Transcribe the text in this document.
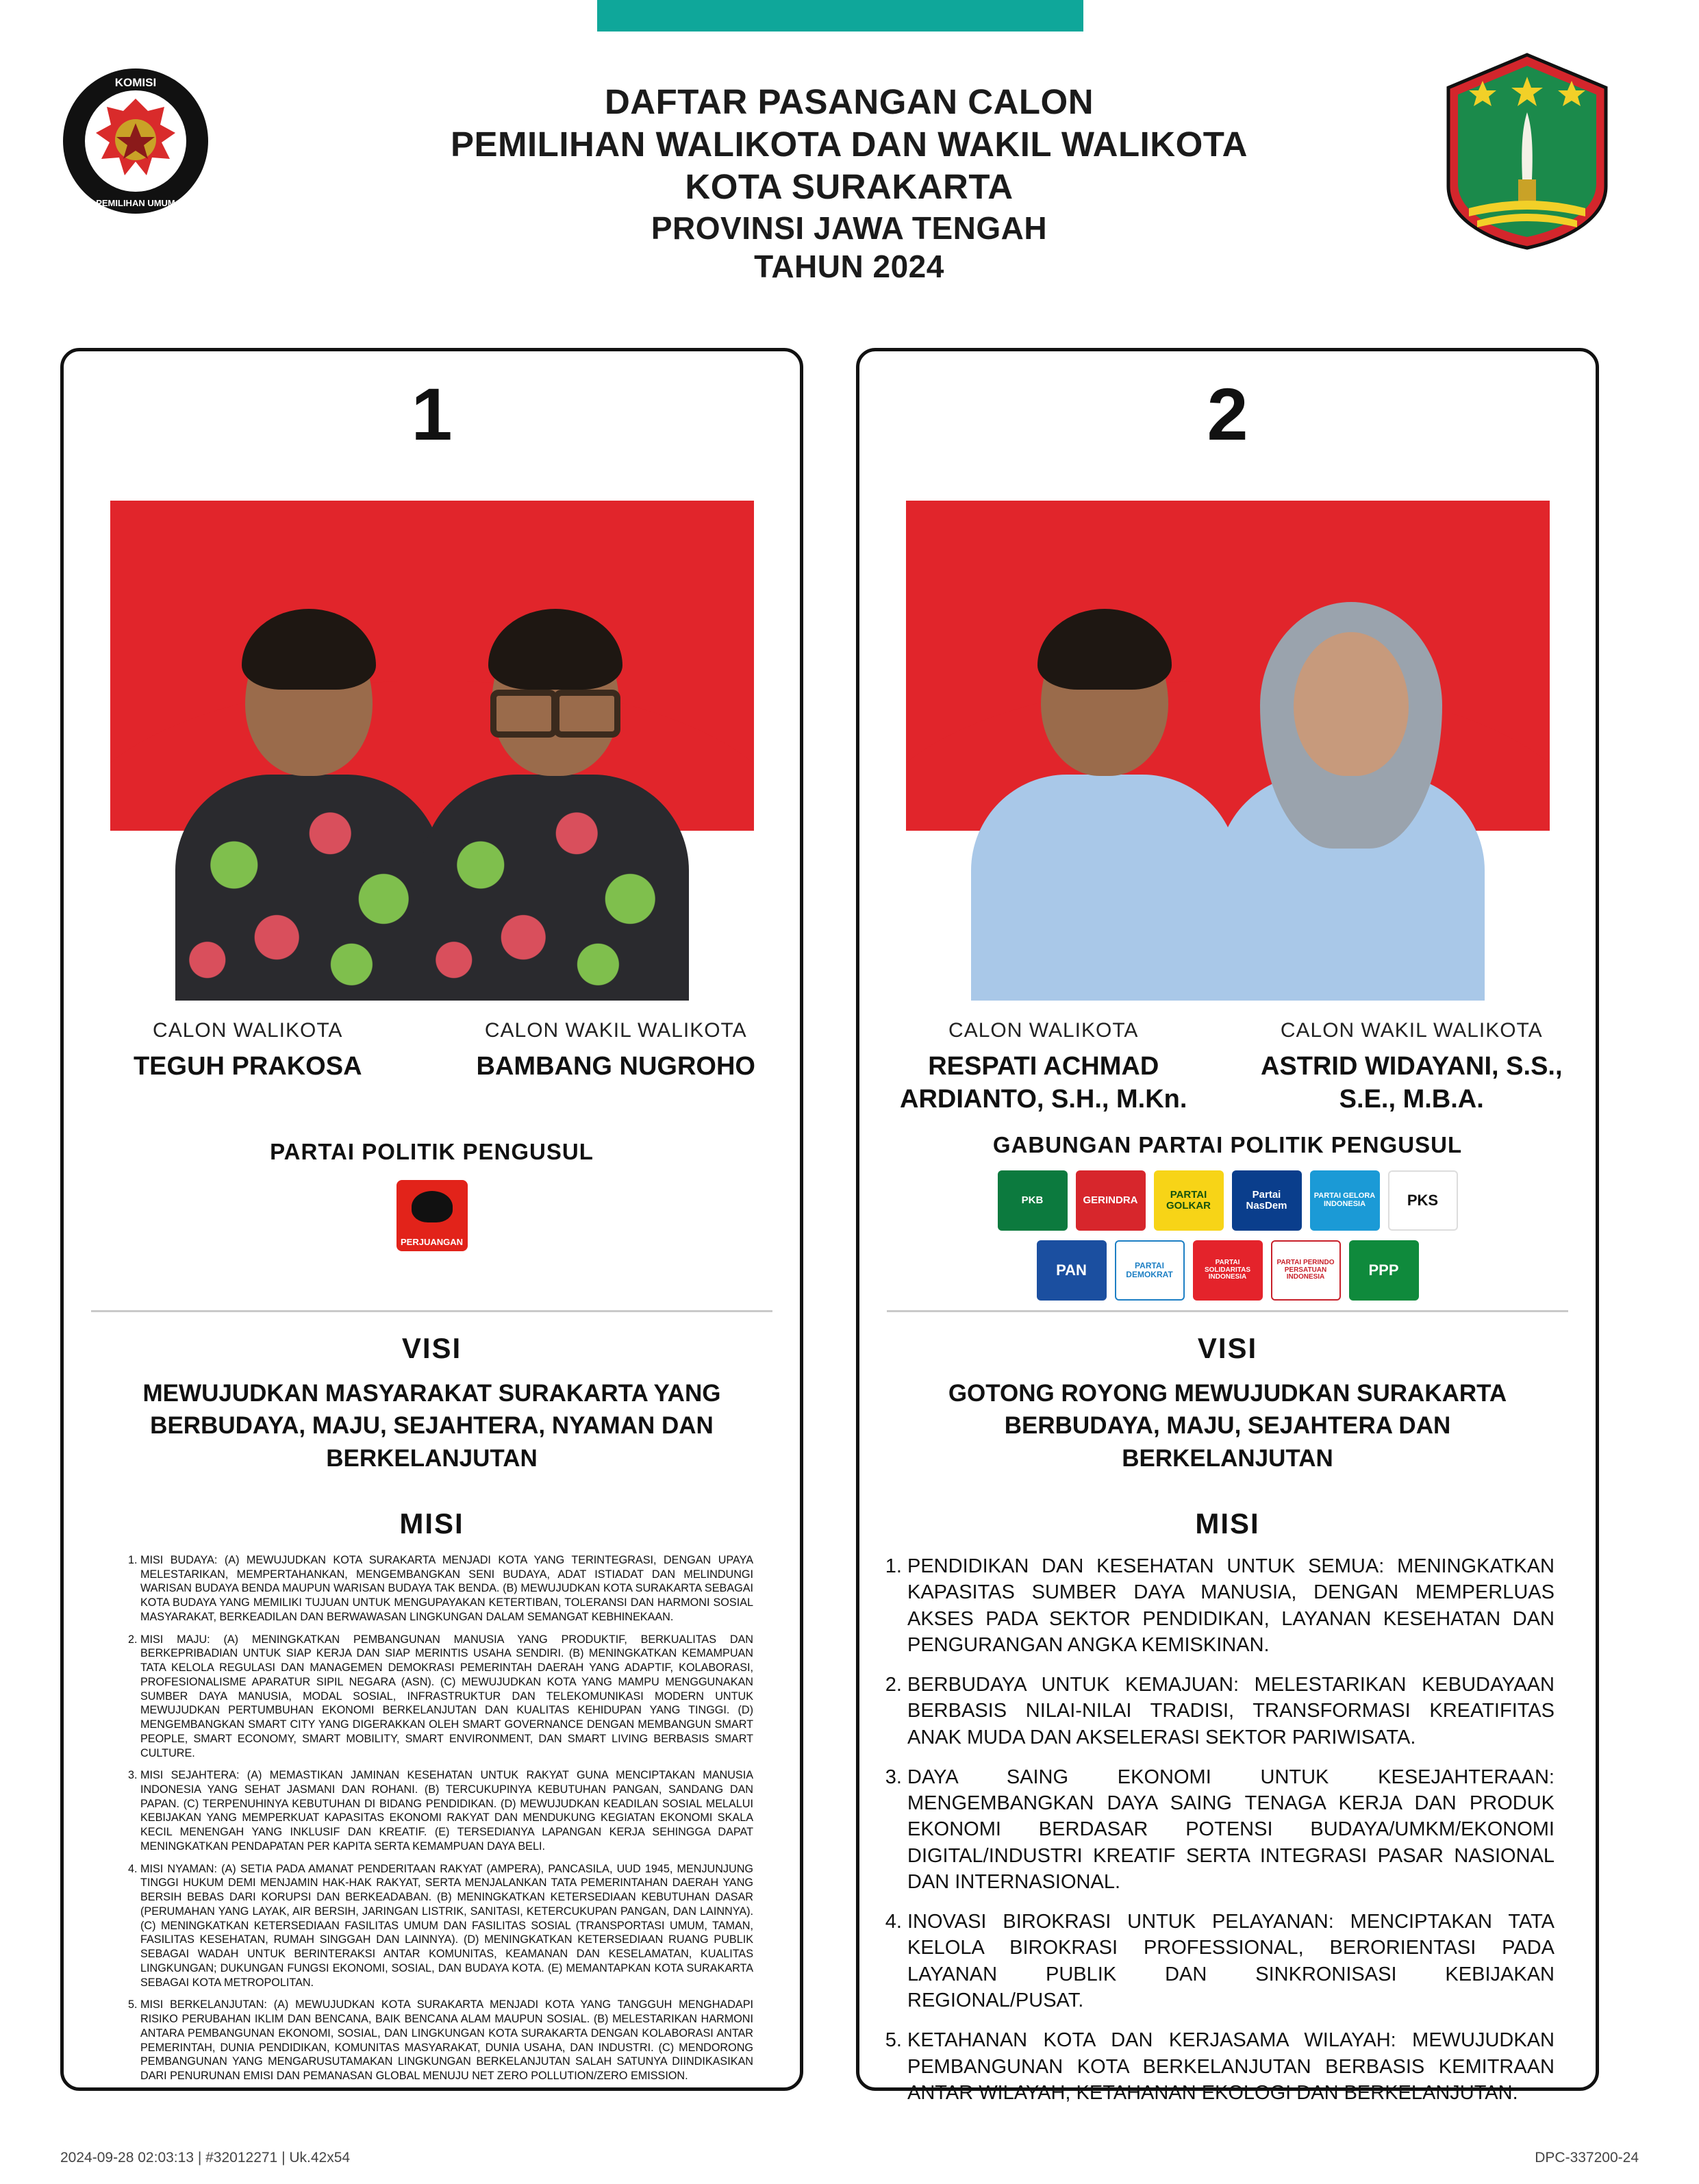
KOMISI
PEMILIHAN UMUM
DAFTAR PASANGAN CALON
PEMILIHAN WALIKOTA DAN WAKIL WALIKOTA
KOTA SURAKARTA
PROVINSI JAWA TENGAH
TAHUN 2024
1
CALON WALIKOTA
TEGUH PRAKOSA
CALON WAKIL WALIKOTA
BAMBANG NUGROHO
PARTAI POLITIK PENGUSUL
PERJUANGAN
VISI
MEWUJUDKAN MASYARAKAT SURAKARTA YANG BERBUDAYA, MAJU, SEJAHTERA, NYAMAN DAN BERKELANJUTAN
MISI
1. MISI BUDAYA: (A) MEWUJUDKAN KOTA SURAKARTA MENJADI KOTA YANG TERINTEGRASI, DENGAN UPAYA MELESTARIKAN, MEMPERTAHANKAN, MENGEMBANGKAN SENI BUDAYA, ADAT ISTIADAT DAN MELINDUNGI WARISAN BUDAYA BENDA MAUPUN WARISAN BUDAYA TAK BENDA. (B) MEWUJUDKAN KOTA SURAKARTA SEBAGAI KOTA BUDAYA YANG MEMILIKI TUJUAN UNTUK MENGUPAYAKAN KETERTIBAN, TOLERANSI DAN HARMONI SOSIAL MASYARAKAT, BERKEADILAN DAN BERWAWASAN LINGKUNGAN DALAM SEMANGAT KEBHINEKAAN.
2. MISI MAJU: (A) MENINGKATKAN PEMBANGUNAN MANUSIA YANG PRODUKTIF, BERKUALITAS DAN BERKEPRIBADIAN UNTUK SIAP KERJA DAN SIAP MERINTIS USAHA SENDIRI. (B) MENINGKATKAN KEMAMPUAN TATA KELOLA REGULASI DAN MANAGEMEN DEMOKRASI PEMERINTAH DAERAH YANG ADAPTIF, KOLABORASI, PROFESIONALISME APARATUR SIPIL NEGARA (ASN). (C) MEWUJUDKAN KOTA YANG MAMPU MENGGUNAKAN SUMBER DAYA MANUSIA, MODAL SOSIAL, INFRASTRUKTUR DAN TELEKOMUNIKASI MODERN UNTUK MEWUJUDKAN PERTUMBUHAN EKONOMI BERKELANJUTAN DAN KUALITAS KEHIDUPAN YANG TINGGI. (D) MENGEMBANGKAN SMART CITY YANG DIGERAKKAN OLEH SMART GOVERNANCE DENGAN MEMBANGUN SMART PEOPLE, SMART ECONOMY, SMART MOBILITY, SMART ENVIRONMENT, DAN SMART LIVING BERBASIS SMART CULTURE.
3. MISI SEJAHTERA: (A) MEMASTIKAN JAMINAN KESEHATAN UNTUK RAKYAT GUNA MENCIPTAKAN MANUSIA INDONESIA YANG SEHAT JASMANI DAN ROHANI. (B) TERCUKUPINYA KEBUTUHAN PANGAN, SANDANG DAN PAPAN. (C) TERPENUHINYA KEBUTUHAN DI BIDANG PENDIDIKAN. (D) MEWUJUDKAN KEADILAN SOSIAL MELALUI KEBIJAKAN YANG MEMPERKUAT KAPASITAS EKONOMI RAKYAT DAN MENDUKUNG KEGIATAN EKONOMI SKALA KECIL MENENGAH YANG INKLUSIF DAN KREATIF. (E) TERSEDIANYA LAPANGAN KERJA SEHINGGA DAPAT MENINGKATKAN PENDAPATAN PER KAPITA SERTA KEMAMPUAN DAYA BELI.
4. MISI NYAMAN: (A) SETIA PADA AMANAT PENDERITAAN RAKYAT (AMPERA), PANCASILA, UUD 1945, MENJUNJUNG TINGGI HUKUM DEMI MENJAMIN HAK-HAK RAKYAT, SERTA MENJALANKAN TATA PEMERINTAHAN DAERAH YANG BERSIH BEBAS DARI KORUPSI DAN BERKEADABAN. (B) MENINGKATKAN KETERSEDIAAN KEBUTUHAN DASAR (PERUMAHAN YANG LAYAK, AIR BERSIH, JARINGAN LISTRIK, SANITASI, KETERCUKUPAN PANGAN, DAN LAINNYA). (C) MENINGKATKAN KETERSEDIAAN FASILITAS UMUM DAN FASILITAS SOSIAL (TRANSPORTASI UMUM, TAMAN, FASILITAS KESEHATAN, RUMAH SINGGAH DAN LAINNYA). (D) MENINGKATKAN KETERSEDIAAN RUANG PUBLIK SEBAGAI WADAH UNTUK BERINTERAKSI ANTAR KOMUNITAS, KEAMANAN DAN KESELAMATAN, KUALITAS LINGKUNGAN; DUKUNGAN FUNGSI EKONOMI, SOSIAL, DAN BUDAYA KOTA. (E) MEMANTAPKAN KOTA SURAKARTA SEBAGAI KOTA METROPOLITAN.
5. MISI BERKELANJUTAN: (A) MEWUJUDKAN KOTA SURAKARTA MENJADI KOTA YANG TANGGUH MENGHADAPI RISIKO PERUBAHAN IKLIM DAN BENCANA, BAIK BENCANA ALAM MAUPUN SOSIAL. (B) MELESTARIKAN HARMONI ANTARA PEMBANGUNAN EKONOMI, SOSIAL, DAN LINGKUNGAN KOTA SURAKARTA DENGAN KOLABORASI ANTAR PEMERINTAH, DUNIA PENDIDIKAN, KOMUNITAS MASYARAKAT, DUNIA USAHA, DAN INDUSTRI. (C) MENDORONG PEMBANGUNAN YANG MENGARUSUTAMAKAN LINGKUNGAN BERKELANJUTAN SALAH SATUNYA DIINDIKASIKAN DARI PENURUNAN EMISI DAN PEMANASAN GLOBAL MENUJU NET ZERO POLLUTION/ZERO EMISSION.
2
CALON WALIKOTA
RESPATI ACHMAD ARDIANTO, S.H., M.Kn.
CALON WAKIL WALIKOTA
ASTRID WIDAYANI, S.S., S.E., M.B.A.
GABUNGAN PARTAI POLITIK PENGUSUL
PKB	GERINDRA	PARTAI GOLKAR
Partai NasDem
PARTAI GELORA INDONESIA	PKS
PAN	PARTAI DEMOKRAT
PARTAI SOLIDARITAS INDONESIA
PARTAI PERINDO PERSATUAN INDONESIA	PPP
VISI
GOTONG ROYONG MEWUJUDKAN SURAKARTA BERBUDAYA, MAJU, SEJAHTERA DAN BERKELANJUTAN
MISI
1. PENDIDIKAN DAN KESEHATAN UNTUK SEMUA: MENINGKATKAN KAPASITAS SUMBER DAYA MANUSIA, DENGAN MEMPERLUAS AKSES PADA SEKTOR PENDIDIKAN, LAYANAN KESEHATAN DAN PENGURANGAN ANGKA KEMISKINAN.
2. BERBUDAYA UNTUK KEMAJUAN: MELESTARIKAN KEBUDAYAAN BERBASIS NILAI-NILAI TRADISI, TRANSFORMASI KREATIFITAS ANAK MUDA DAN AKSELERASI SEKTOR PARIWISATA.
3. DAYA SAING EKONOMI UNTUK KESEJAHTERAAN: MENGEMBANGKAN DAYA SAING TENAGA KERJA DAN PRODUK EKONOMI BERDASAR POTENSI BUDAYA/UMKM/EKONOMI DIGITAL/INDUSTRI KREATIF SERTA INTEGRASI PASAR NASIONAL DAN INTERNASIONAL.
4. INOVASI BIROKRASI UNTUK PELAYANAN: MENCIPTAKAN TATA KELOLA BIROKRASI PROFESSIONAL, BERORIENTASI PADA LAYANAN PUBLIK DAN SINKRONISASI KEBIJAKAN REGIONAL/PUSAT.
5. KETAHANAN KOTA DAN KERJASAMA WILAYAH: MEWUJUDKAN PEMBANGUNAN KOTA BERKELANJUTAN BERBASIS KEMITRAAN ANTAR WILAYAH, KETAHANAN EKOLOGI DAN BERKELANJUTAN.
2024-09-28 02:03:13 | #32012271 | Uk.42x54	DPC-337200-24
